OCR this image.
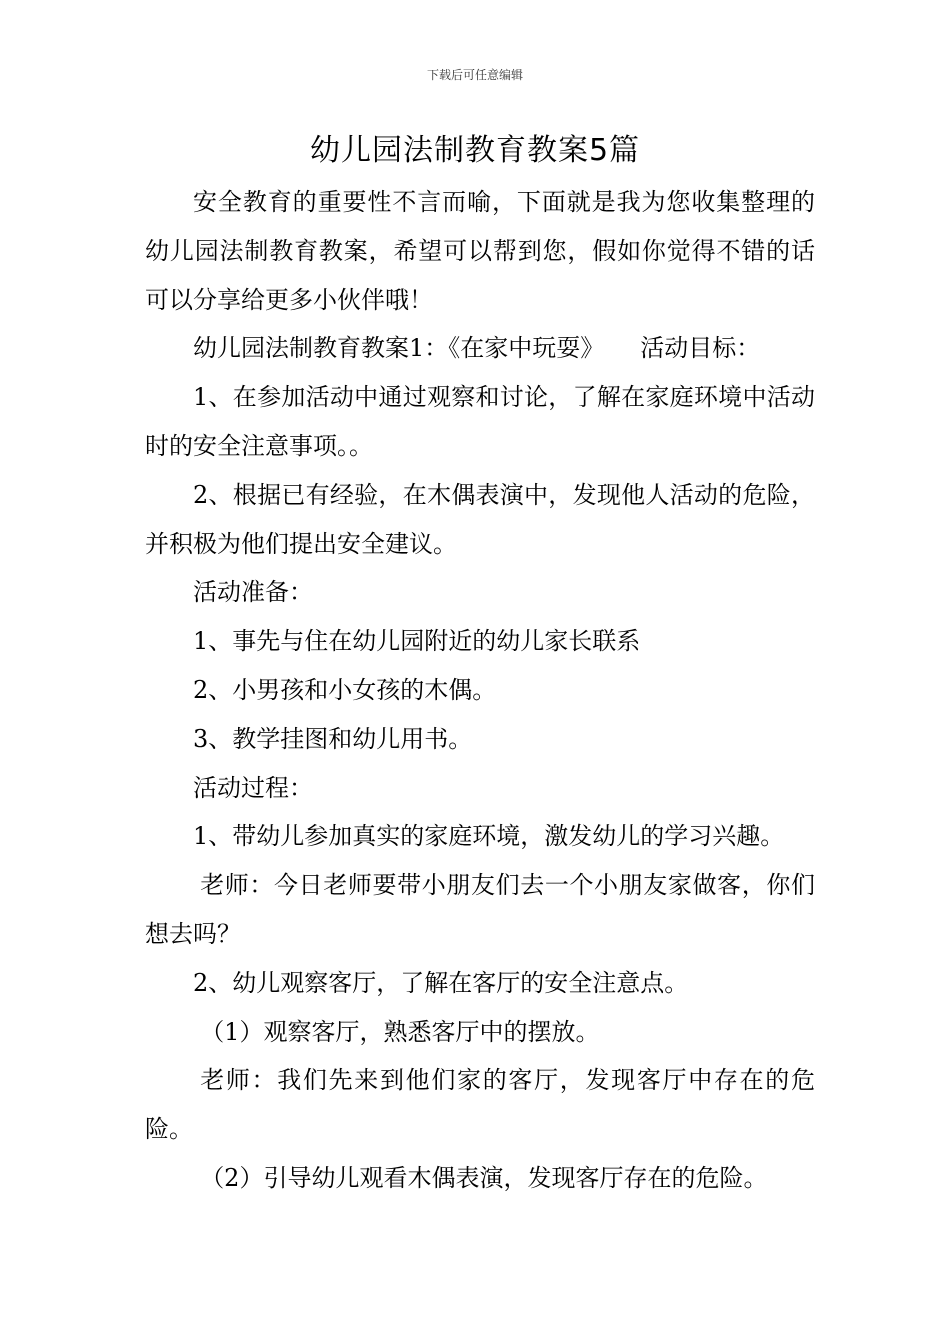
下载后可任意编辑
幼儿园法制教育教案5篇

安全教育的重要性不言而喻，下面就是我为您收集整理的幼儿园法制教育教案，希望可以帮到您，假如你觉得不错的话可以分享给更多小伙伴哦！

幼儿园法制教育教案1：《在家中玩耍》　　活动目标：

1、在参加活动中通过观察和讨论，了解在家庭环境中活动时的安全注意事项。。

2、根据已有经验，在木偶表演中，发现他人活动的危险，并积极为他们提出安全建议。

活动准备：

1、事先与住在幼儿园附近的幼儿家长联系

2、小男孩和小女孩的木偶。

3、教学挂图和幼儿用书。

活动过程：

1、带幼儿参加真实的家庭环境，激发幼儿的学习兴趣。

老师：今日老师要带小朋友们去一个小朋友家做客，你们想去吗？

2、幼儿观察客厅，了解在客厅的安全注意点。

（1）观察客厅，熟悉客厅中的摆放。

老师：我们先来到他们家的客厅，发现客厅中存在的危险。

（2）引导幼儿观看木偶表演，发现客厅存在的危险。
